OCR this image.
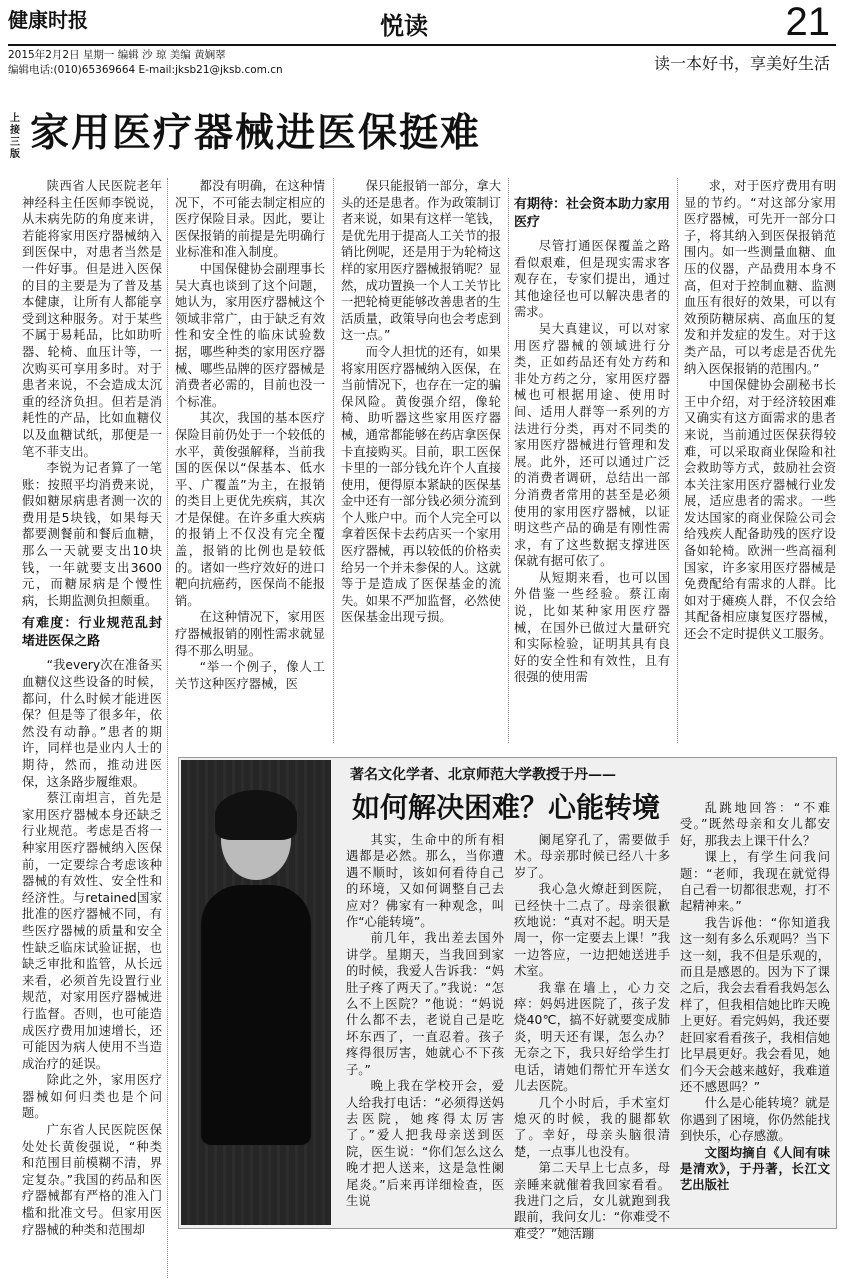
健康时报	悦读	21
2015年2月2日 星期一 编辑 沙 琼 美编 黄娴翠
编辑电话:(010)65369664 E-mail:jksb21@jksb.com.cn	读一本好书，享美好生活
上接三版 家用医疗器械进医保挺难

陕西省人民医院老年神经科主任医师李锐说，从未病先防的角度来讲，若能将家用医疗器械纳入到医保中，对患者当然是一件好事。但是进入医保的目的主要是为了普及基本健康，让所有人都能享受到这种服务。对于某些不属于易耗品，比如助听器、轮椅、血压计等，一次购买可享用多时。对于患者来说，不会造成太沉重的经济负担。但若是消耗性的产品，比如血糖仪以及血糖试纸，那便是一笔不菲支出。

李锐为记者算了一笔账：按照平均消费来说，假如糖尿病患者测一次的费用是5块钱，如果每天都要测餐前和餐后血糖，那么一天就要支出10块钱，一年就要支出3600元，而糖尿病是个慢性病，长期监测负担颇重。

有难度：行业规范乱封堵进医保之路

“我every次在准备买血糖仪这些设备的时候，都问，什么时候才能进医保？但是等了很多年，依然没有动静。”患者的期许，同样也是业内人士的期待，然而，推动进医保，这条路步履维艰。

蔡江南坦言，首先是家用医疗器械本身还缺乏行业规范。考虑是否将一种家用医疗器械纳入医保前，一定要综合考虑该种器械的有效性、安全性和经济性。与retained国家批准的医疗器械不同，有些医疗器械的质量和安全性缺乏临床试验证据，也缺乏审批和监管，从长远来看，必须首先设置行业规范，对家用医疗器械进行监督。否则，也可能造成医疗费用加速增长，还可能因为病人使用不当造成治疗的延误。

除此之外，家用医疗器械如何归类也是个问题。

广东省人民医院医保处处长黄俊强说，“种类和范围目前模糊不清，界定复杂。”我国的药品和医疗器械都有严格的准入门槛和批准文号。但家用医疗器械的种类和范围却

都没有明确，在这种情况下，不可能去制定相应的医疗保险目录。因此，要让医保报销的前提是先明确行业标准和准入制度。

中国保健协会副理事长吴大真也谈到了这个问题，她认为，家用医疗器械这个领域非常广，由于缺乏有效性和安全性的临床试验数据，哪些种类的家用医疗器械、哪些品牌的医疗器械是消费者必需的，目前也没一个标准。

其次，我国的基本医疗保险目前仍处于一个较低的水平，黄俊强解释，当前我国的医保以“保基本、低水平、广覆盖”为主，在报销的类目上更优先疾病，其次才是保健。在许多重大疾病的报销上不仅没有完全覆盖，报销的比例也是较低的。诸如一些疗效好的进口靶向抗癌药，医保尚不能报销。

在这种情况下，家用医疗器械报销的刚性需求就显得不那么明显。

“举一个例子，像人工关节这种医疗器械，医

保只能报销一部分，拿大头的还是患者。作为政策制订者来说，如果有这样一笔钱，是优先用于提高人工关节的报销比例呢，还是用于为轮椅这样的家用医疗器械报销呢？显然，成功置换一个人工关节比一把轮椅更能够改善患者的生活质量，政策导向也会考虑到这一点。”

而令人担忧的还有，如果将家用医疗器械纳入医保，在当前情况下，也存在一定的骗保风险。黄俊强介绍，像轮椅、助听器这些家用医疗器械，通常都能够在药店拿医保卡直接购买。目前，职工医保卡里的一部分钱允许个人直接使用，便得原本紧缺的医保基金中还有一部分钱必须分流到个人账户中。而个人完全可以拿着医保卡去药店买一个家用医疗器械，再以较低的价格卖给另一个并未参保的人。这就等于是造成了医保基金的流失。如果不严加监督，必然使医保基金出现亏损。

有期待：社会资本助力家用医疗

尽管打通医保覆盖之路看似艰难，但是现实需求客观存在，专家们提出，通过其他途径也可以解决患者的需求。

吴大真建议，可以对家用医疗器械的领域进行分类，正如药品还有处方药和非处方药之分，家用医疗器械也可根据用途、使用时间、适用人群等一系列的方法进行分类，再对不同类的家用医疗器械进行管理和发展。此外，还可以通过广泛的消费者调研，总结出一部分消费者常用的甚至是必须使用的家用医疗器械，以证明这些产品的确是有刚性需求，有了这些数据支撑进医保就有据可依了。

从短期来看，也可以国外借鉴一些经验。蔡江南说，比如某种家用医疗器械，在国外已做过大量研究和实际检验，证明其具有良好的安全性和有效性，且有很强的使用需

求，对于医疗费用有明显的节约。“对这部分家用医疗器械，可先开一部分口子，将其纳入到医保报销范围内。如一些测量血糖、血压的仪器，产品费用本身不高，但对于控制血糖、监测血压有很好的效果，可以有效预防糖尿病、高血压的复发和并发症的发生。对于这类产品，可以考虑是否优先纳入医保报销的范围内。”

中国保健协会副秘书长王中介绍，对于经济较困难又确实有这方面需求的患者来说，当前通过医保获得较难，可以采取商业保险和社会救助等方式，鼓励社会资本关注家用医疗器械行业发展，适应患者的需求。一些发达国家的商业保险公司会给残疾人配备助残的医疗设备如轮椅。欧洲一些高福利国家，许多家用医疗器械是免费配给有需求的人群。比如对于瘫痪人群，不仅会给其配备相应康复医疗器械，还会不定时提供义工服务。

著名文化学者、北京师范大学教授于丹——
如何解决困难？心能转境

其实，生命中的所有相遇都是必然。那么，当你遭遇不顺时，该如何看待自己的环境，又如何调整自己去应对？佛家有一种观念，叫作“心能转境”。

前几年，我出差去国外讲学。星期天，当我回到家的时候，我爱人告诉我：“妈肚子疼了两天了。”我说：“怎么不上医院？”他说：“妈说什么都不去，老说自己是吃坏东西了，一直忍着。孩子疼得很厉害，她就心不下孩子。”

晚上我在学校开会，爱人给我打电话：“必须得送妈去医院，她疼得太厉害了。”爱人把我母亲送到医院，医生说：“你们怎么这么晚才把人送来，这是急性阑尾炎。”后来再详细检查，医生说

阑尾穿孔了，需要做手术。母亲那时候已经八十多岁了。

我心急火燎赶到医院，已经快十二点了。母亲很歉疚地说：“真对不起。明天是周一，你一定要去上课！”我一边答应，一边把她送进手术室。

我靠在墙上，心力交瘁：妈妈进医院了，孩子发烧40℃，搞不好就要变成肺炎，明天还有课，怎么办？无奈之下，我只好给学生打电话，请她们帮忙开车送女儿去医院。

几个小时后，手术室灯熄灭的时候，我的腿都软了。幸好，母亲头脑很清楚，一点事儿也没有。

第二天早上七点多，母亲睡来就催着我回家看看。我进门之后，女儿就跑到我跟前，我问女儿：“你难受不难受？”她活蹦

乱跳地回答：“不难受。”既然母亲和女儿都安好，那我去上课干什么？

课上，有学生问我问题：“老师，我现在就觉得自己看一切都很悲观，打不起精神来。”

我告诉他：“你知道我这一刻有多么乐观吗？当下这一刻，我不但是乐观的，而且是感恩的。因为下了课之后，我会去看看我妈怎么样了，但我相信她比昨天晚上更好。看完妈妈，我还要赶回家看看孩子，我相信她比早晨更好。我会看见，她们今天会越来越好，我难道还不感恩吗？”

什么是心能转境？就是你遇到了困境，你仍然能找到快乐，心存感激。

文图均摘自《人间有味是清欢》，于丹著，长江文艺出版社
